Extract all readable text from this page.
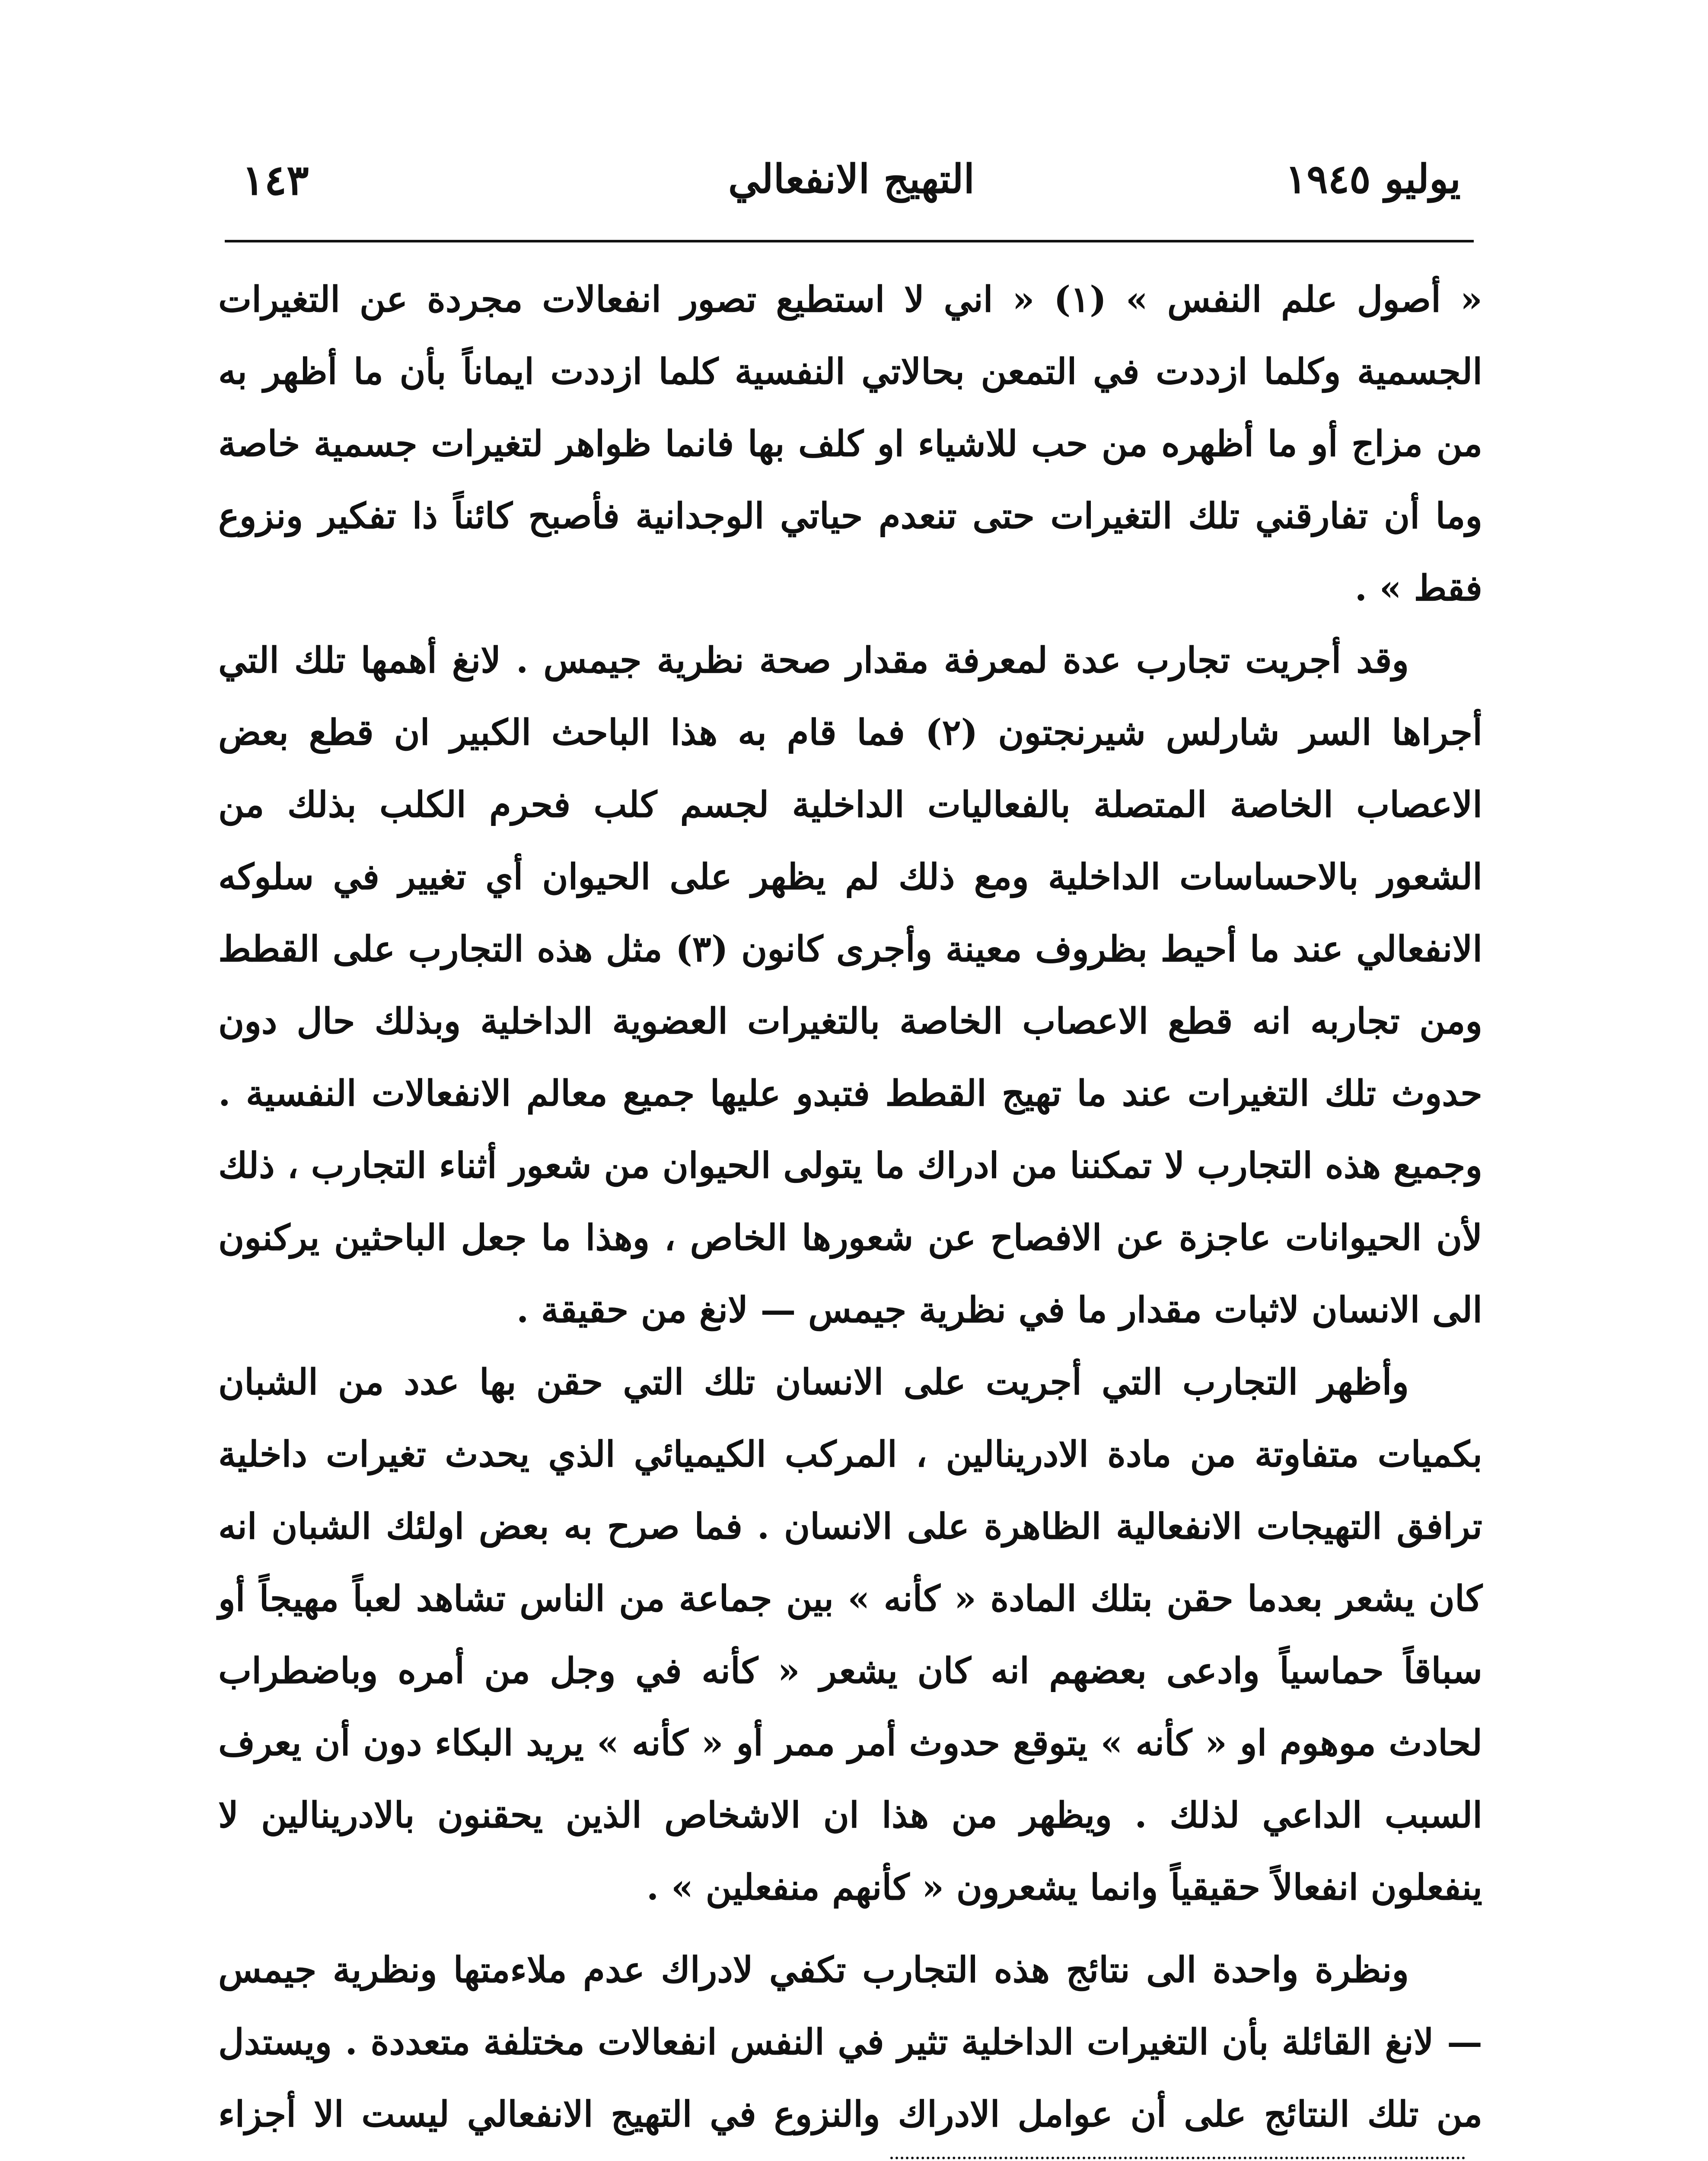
يوليو ١٩٤٥
التهيج الانفعالي
١٤٣

« أصول علم النفس » (١) « اني لا استطيع تصور انفعالات مجردة عن التغيرات الجسمية وكلما ازددت في التمعن بحالاتي النفسية كلما ازددت ايماناً بأن ما أظهر به من مزاج أو ما أظهره من حب للاشياء او كلف بها فانما ظواهر لتغيرات جسمية خاصة وما أن تفارقني تلك التغيرات حتى تنعدم حياتي الوجدانية فأصبح كائناً ذا تفكير ونزوع فقط » .

وقد أجريت تجارب عدة لمعرفة مقدار صحة نظرية جيمس . لانغ أهمها تلك التي أجراها السر شارلس شيرنجتون (٢) فما قام به هذا الباحث الكبير ان قطع بعض الاعصاب الخاصة المتصلة بالفعاليات الداخلية لجسم كلب فحرم الكلب بذلك من الشعور بالاحساسات الداخلية ومع ذلك لم يظهر على الحيوان أي تغيير في سلوكه الانفعالي عند ما أحيط بظروف معينة وأجرى كانون (٣) مثل هذه التجارب على القطط ومن تجاربه انه قطع الاعصاب الخاصة بالتغيرات العضوية الداخلية وبذلك حال دون حدوث تلك التغيرات عند ما تهيج القطط فتبدو عليها جميع معالم الانفعالات النفسية . وجميع هذه التجارب لا تمكننا من ادراك ما يتولى الحيوان من شعور أثناء التجارب ، ذلك لأن الحيوانات عاجزة عن الافصاح عن شعورها الخاص ، وهذا ما جعل الباحثين يركنون الى الانسان لاثبات مقدار ما في نظرية جيمس — لانغ من حقيقة .

وأظهر التجارب التي أجريت على الانسان تلك التي حقن بها عدد من الشبان بكميات متفاوتة من مادة الادرينالين ، المركب الكيميائي الذي يحدث تغيرات داخلية ترافق التهيجات الانفعالية الظاهرة على الانسان . فما صرح به بعض اولئك الشبان انه كان يشعر بعدما حقن بتلك المادة « كأنه » بين جماعة من الناس تشاهد لعباً مهيجاً أو سباقاً حماسياً وادعى بعضهم انه كان يشعر « كأنه في وجل من أمره وباضطراب لحادث موهوم او « كأنه » يتوقع حدوث أمر ممر أو « كأنه » يريد البكاء دون أن يعرف السبب الداعي لذلك . ويظهر من هذا ان الاشخاص الذين يحقنون بالادرينالين لا ينفعلون انفعالاً حقيقياً وانما يشعرون « كأنهم منفعلين » .

ونظرة واحدة الى نتائج هذه التجارب تكفي لادراك عدم ملاءمتها ونظرية جيمس — لانغ القائلة بأن التغيرات الداخلية تثير في النفس انفعالات مختلفة متعددة . ويستدل من تلك النتائج على أن عوامل الادراك والنزوع في التهيج الانفعالي ليست الا أجزاء
